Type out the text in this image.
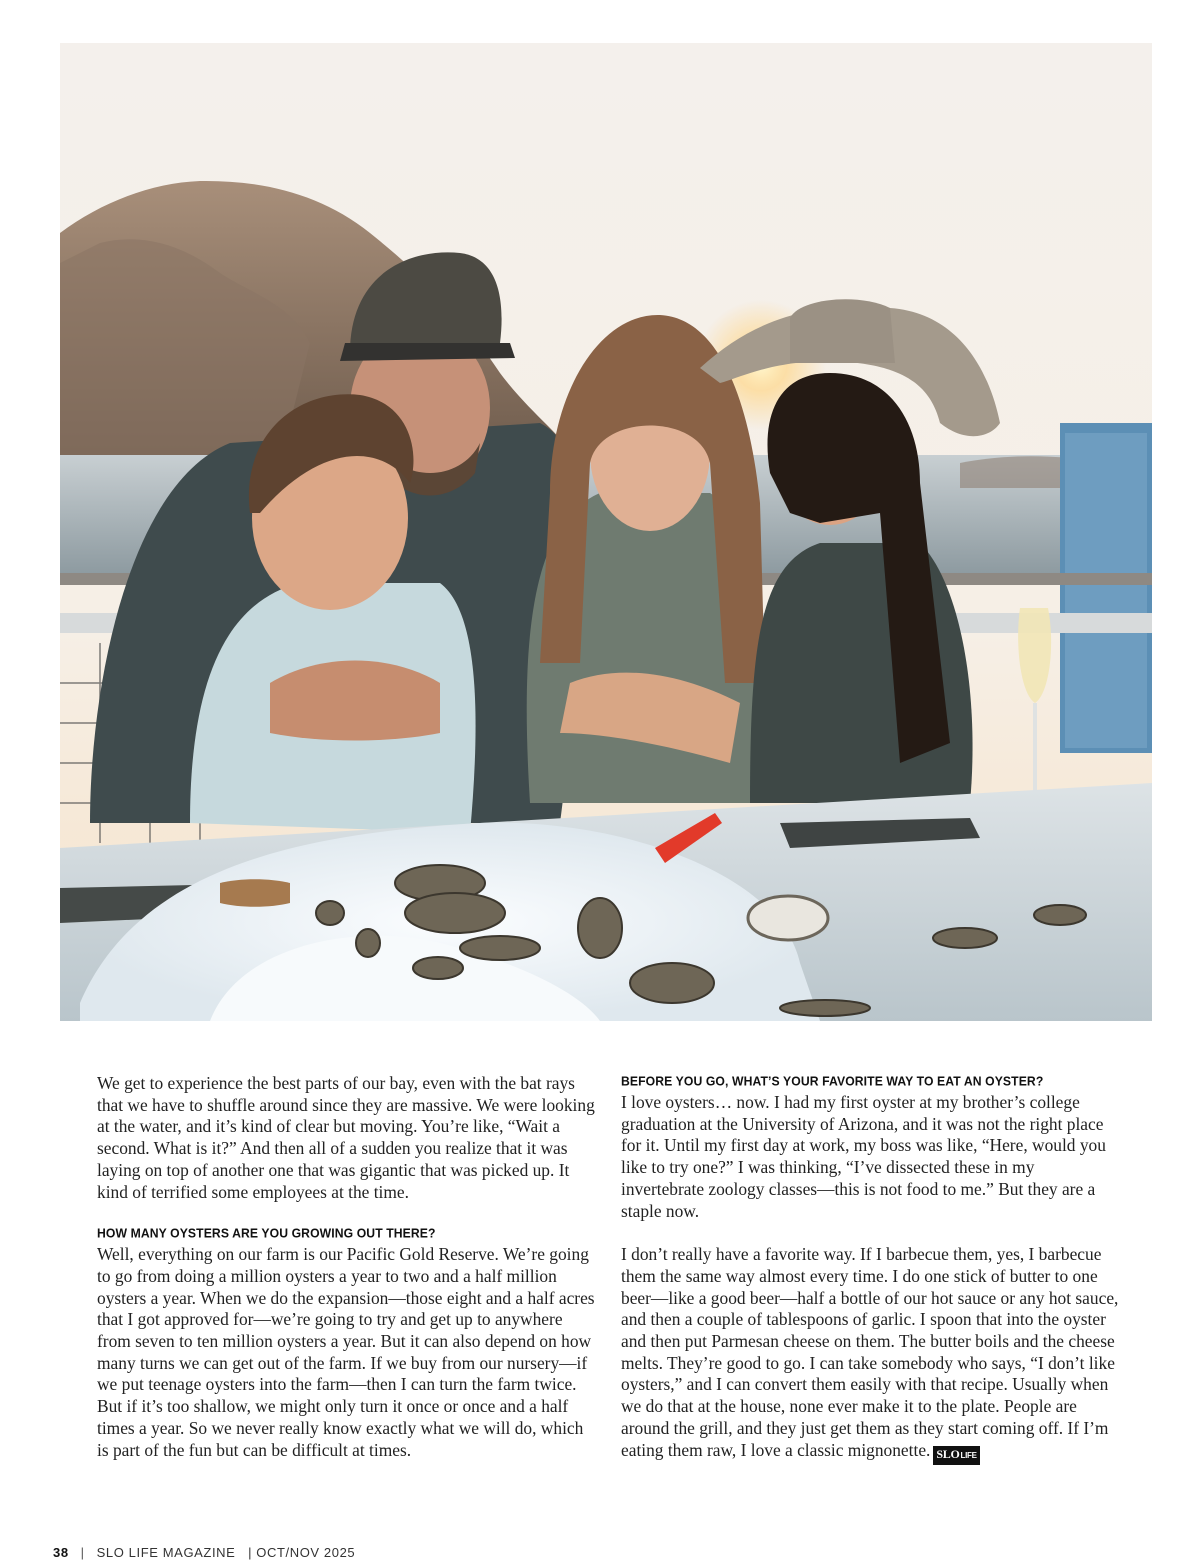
We get to experience the best parts of our bay, even with the bat rays that we have to shuffle around since they are massive. We were looking at the water, and it’s kind of clear but moving. You’re like, “Wait a second. What is it?” And then all of a sudden you realize that it was laying on top of another one that was gigantic that was picked up. It kind of terrified some employees at the time.

HOW MANY OYSTERS ARE YOU GROWING OUT THERE?

Well, everything on our farm is our Pacific Gold Reserve. We’re going to go from doing a million oysters a year to two and a half million oysters a year. When we do the expansion—those eight and a half acres that I got approved for—we’re going to try and get up to anywhere from seven to ten million oysters a year. But it can also depend on how many turns we can get out of the farm. If we buy from our nursery—if we put teenage oysters into the farm—then I can turn the farm twice. But if it’s too shallow, we might only turn it once or once and a half times a year. So we never really know exactly what we will do, which is part of the fun but can be difficult at times.

BEFORE YOU GO, WHAT’S YOUR FAVORITE WAY TO EAT AN OYSTER?

I love oysters… now. I had my first oyster at my brother’s college graduation at the University of Arizona, and it was not the right place for it. Until my first day at work, my boss was like, “Here, would you like to try one?” I was thinking, “I’ve dissected these in my invertebrate zoology classes—this is not food to me.” But they are a staple now.

I don’t really have a favorite way. If I barbecue them, yes, I barbecue them the same way almost every time. I do one stick of butter to one beer—like a good beer—half a bottle of our hot sauce or any hot sauce, and then a couple of tablespoons of garlic. I spoon that into the oyster and then put Parmesan cheese on them. The butter boils and the cheese melts. They’re good to go. I can take somebody who says, “I don’t like oysters,” and I can convert them easily with that recipe. Usually when we do that at the house, none ever make it to the plate. People are around the grill, and they just get them as they start coming off. If I’m eating them raw, I love a classic mignonette. SLOLIFE

38 | SLO LIFE MAGAZINE | OCT/NOV 2025
